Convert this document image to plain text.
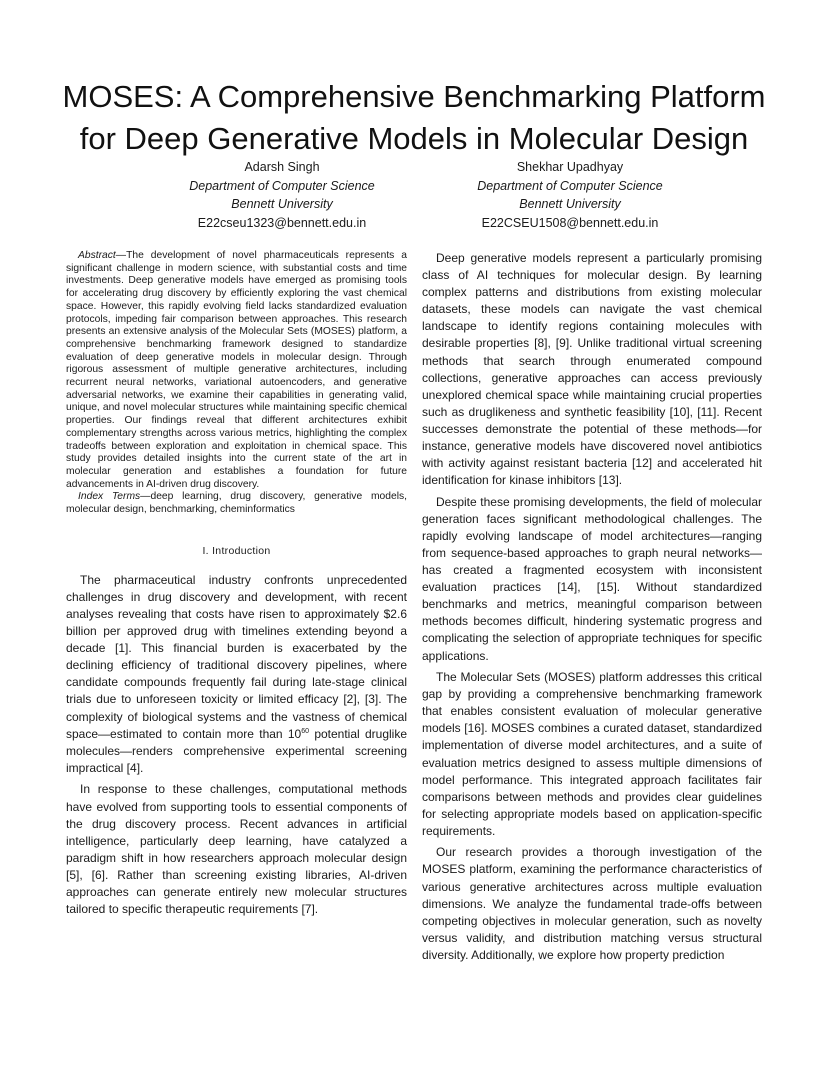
MOSES: A Comprehensive Benchmarking Platform
for Deep Generative Models in Molecular Design
Adarsh Singh
Department of Computer Science
Bennett University
E22cseu1323@bennett.edu.in
Shekhar Upadhyay
Department of Computer Science
Bennett University
E22CSEU1508@bennett.edu.in

Abstract—The development of novel pharmaceuticals represents a significant challenge in modern science, with substantial costs and time investments. Deep generative models have emerged as promising tools for accelerating drug discovery by efficiently exploring the vast chemical space. However, this rapidly evolving field lacks standardized evaluation protocols, impeding fair comparison between approaches. This research presents an extensive analysis of the Molecular Sets (MOSES) platform, a comprehensive benchmarking framework designed to standardize evaluation of deep generative models in molecular design. Through rigorous assessment of multiple generative architectures, including recurrent neural networks, variational autoencoders, and generative adversarial networks, we examine their capabilities in generating valid, unique, and novel molecular structures while maintaining specific chemical properties. Our findings reveal that different architectures exhibit complementary strengths across various metrics, highlighting the complex tradeoffs between exploration and exploitation in chemical space. This study provides detailed insights into the current state of the art in molecular generation and establishes a foundation for future advancements in AI-driven drug discovery.

Index Terms—deep learning, drug discovery, generative models, molecular design, benchmarking, cheminformatics

I. Introduction

The pharmaceutical industry confronts unprecedented challenges in drug discovery and development, with recent analyses revealing that costs have risen to approximately $2.6 billion per approved drug with timelines extending beyond a decade [1]. This financial burden is exacerbated by the declining efficiency of traditional discovery pipelines, where candidate compounds frequently fail during late-stage clinical trials due to unforeseen toxicity or limited efficacy [2], [3]. The complexity of biological systems and the vastness of chemical space—estimated to contain more than $10^{60}$ potential druglike molecules—renders comprehensive experimental screening impractical [4].

In response to these challenges, computational methods have evolved from supporting tools to essential components of the drug discovery process. Recent advances in artificial intelligence, particularly deep learning, have catalyzed a paradigm shift in how researchers approach molecular design [5], [6]. Rather than screening existing libraries, AI-driven approaches can generate entirely new molecular structures tailored to specific therapeutic requirements [7].

Deep generative models represent a particularly promising class of AI techniques for molecular design. By learning complex patterns and distributions from existing molecular datasets, these models can navigate the vast chemical landscape to identify regions containing molecules with desirable properties [8], [9]. Unlike traditional virtual screening methods that search through enumerated compound collections, generative approaches can access previously unexplored chemical space while maintaining crucial properties such as druglikeness and synthetic feasibility [10], [11]. Recent successes demonstrate the potential of these methods—for instance, generative models have discovered novel antibiotics with activity against resistant bacteria [12] and accelerated hit identification for kinase inhibitors [13].

Despite these promising developments, the field of molecular generation faces significant methodological challenges. The rapidly evolving landscape of model architectures—ranging from sequence-based approaches to graph neural networks—has created a fragmented ecosystem with inconsistent evaluation practices [14], [15]. Without standardized benchmarks and metrics, meaningful comparison between methods becomes difficult, hindering systematic progress and complicating the selection of appropriate techniques for specific applications.

The Molecular Sets (MOSES) platform addresses this critical gap by providing a comprehensive benchmarking framework that enables consistent evaluation of molecular generative models [16]. MOSES combines a curated dataset, standardized implementation of diverse model architectures, and a suite of evaluation metrics designed to assess multiple dimensions of model performance. This integrated approach facilitates fair comparisons between methods and provides clear guidelines for selecting appropriate models based on application-specific requirements.

Our research provides a thorough investigation of the MOSES platform, examining the performance characteristics of various generative architectures across multiple evaluation dimensions. We analyze the fundamental trade-offs between competing objectives in molecular generation, such as novelty versus validity, and distribution matching versus structural diversity. Additionally, we explore how property prediction
